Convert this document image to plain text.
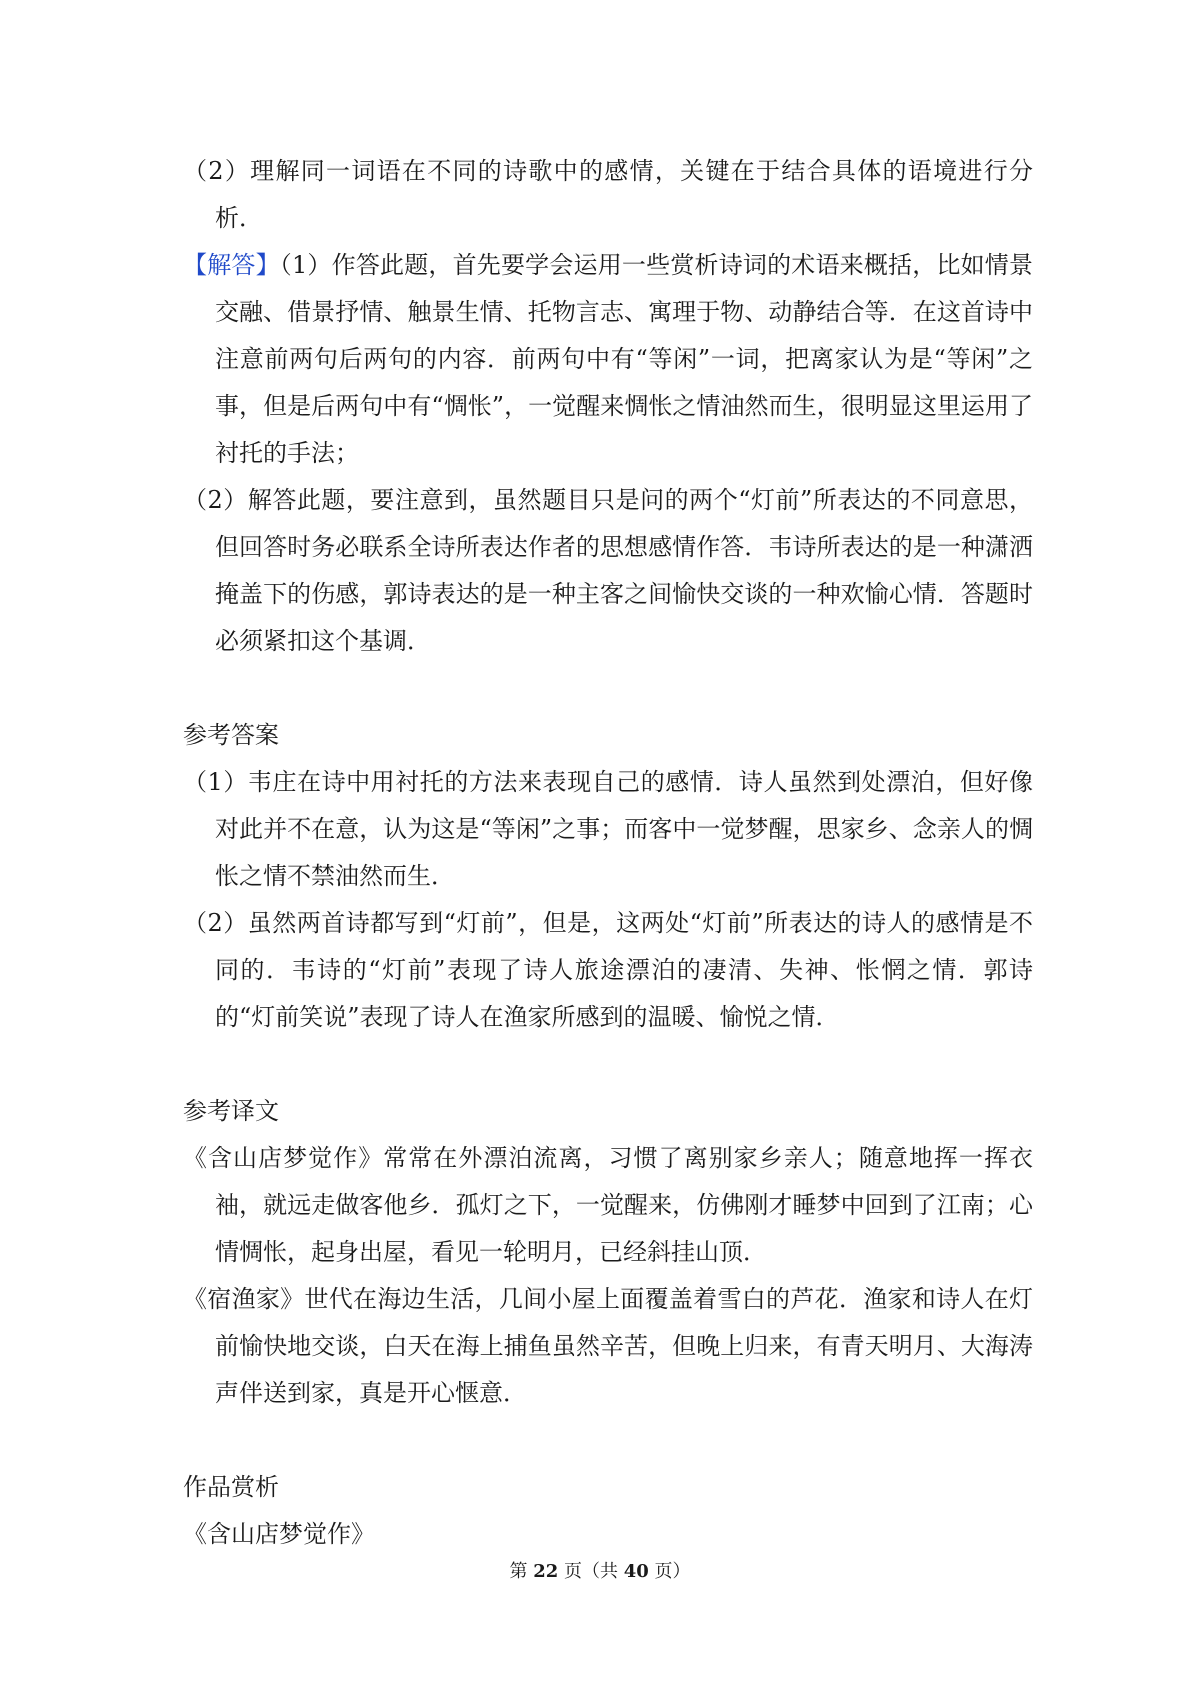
（2）理解同一词语在不同的诗歌中的感情，关键在于结合具体的语境进行分析．

【解答】（1）作答此题，首先要学会运用一些赏析诗词的术语来概括，比如情景交融、借景抒情、触景生情、托物言志、寓理于物、动静结合等．在这首诗中注意前两句后两句的内容．前两句中有“等闲”一词，把离家认为是“等闲”之事，但是后两句中有“惆怅”，一觉醒来惆怅之情油然而生，很明显这里运用了衬托的手法；

（2）解答此题，要注意到，虽然题目只是问的两个“灯前”所表达的不同意思，但回答时务必联系全诗所表达作者的思想感情作答．韦诗所表达的是一种潇洒掩盖下的伤感，郭诗表达的是一种主客之间愉快交谈的一种欢愉心情．答题时必须紧扣这个基调．

参考答案

（1）韦庄在诗中用衬托的方法来表现自己的感情．诗人虽然到处漂泊，但好像对此并不在意，认为这是“等闲”之事；而客中一觉梦醒，思家乡、念亲人的惆怅之情不禁油然而生．

（2）虽然两首诗都写到“灯前”，但是，这两处“灯前”所表达的诗人的感情是不同的．韦诗的“灯前”表现了诗人旅途漂泊的凄清、失神、怅惘之情．郭诗的“灯前笑说”表现了诗人在渔家所感到的温暖、愉悦之情．

参考译文

《含山店梦觉作》常常在外漂泊流离，习惯了离别家乡亲人；随意地挥一挥衣袖，就远走做客他乡．孤灯之下，一觉醒来，仿佛刚才睡梦中回到了江南；心情惆怅，起身出屋，看见一轮明月，已经斜挂山顶．

《宿渔家》世代在海边生活，几间小屋上面覆盖着雪白的芦花．渔家和诗人在灯前愉快地交谈，白天在海上捕鱼虽然辛苦，但晚上归来，有青天明月、大海涛声伴送到家，真是开心惬意．

作品赏析

《含山店梦觉作》

第 22 页（共 40 页）
